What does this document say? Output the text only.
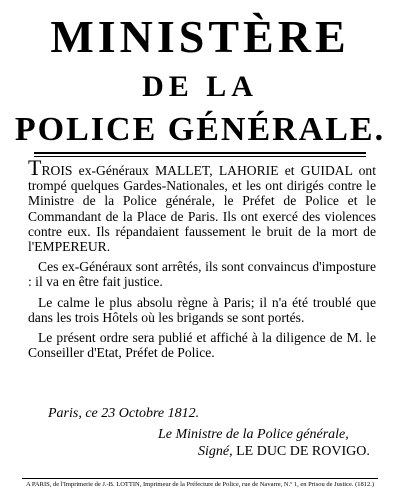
MINISTÈRE
DE LA
POLICE GÉNÉRALE.

TROIS ex-Généraux MALLET, LAHORIE et GUIDAL ont trompé quelques Gardes-Nationales, et les ont dirigés contre le Ministre de la Police générale, le Préfet de Police et le Commandant de la Place de Paris. Ils ont exercé des violences contre eux. Ils répandaient faussement le bruit de la mort de l'EMPEREUR.

Ces ex-Généraux sont arrêtés, ils sont convaincus d'imposture : il va en être fait justice.

Le calme le plus absolu règne à Paris; il n'a été troublé que dans les trois Hôtels où les brigands se sont portés.

Le présent ordre sera publié et affiché à la diligence de M. le Conseiller d'Etat, Préfet de Police.

Paris, ce 23 Octobre 1812.
Le Ministre de la Police générale,
Signé, LE DUC DE ROVIGO.
A PARIS, de l'Imprimerie de J.-B. LOTTIN, Imprimeur de la Préfecture de Police, rue de Navarre, N.º 1, en Prisou de Justice. (1812.)
